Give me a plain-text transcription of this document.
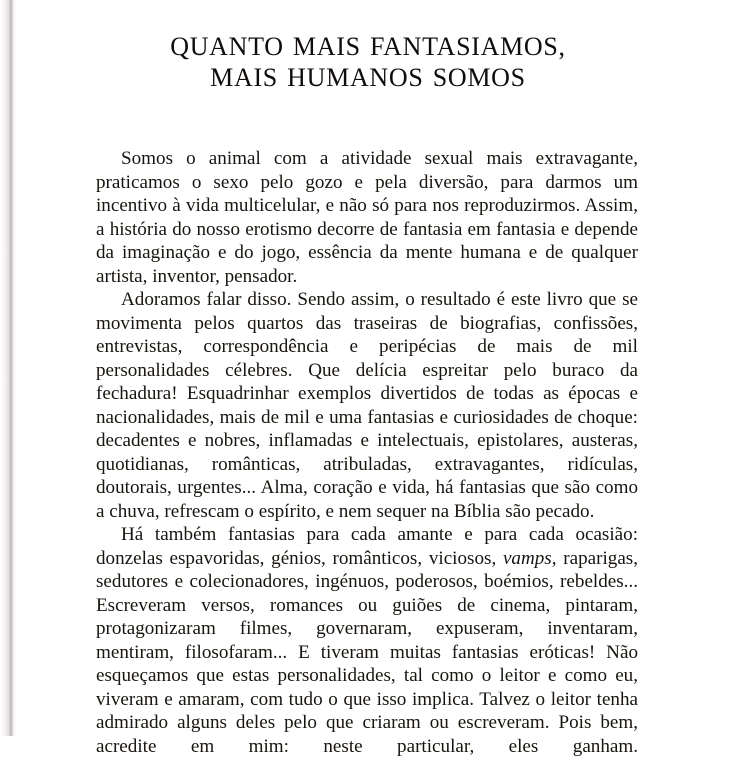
QUANTO MAIS FANTASIAMOS,
MAIS HUMANOS SOMOS

Somos o animal com a atividade sexual mais extravagante, praticamos o sexo pelo gozo e pela diversão, para darmos um incentivo à vida multicelular, e não só para nos reproduzirmos. Assim, a história do nosso erotismo decorre de fantasia em fantasia e depende da imaginação e do jogo, essência da mente humana e de qualquer artista, inventor, pensador.

Adoramos falar disso. Sendo assim, o resultado é este livro que se movimenta pelos quartos das traseiras de biografias, confissões, entrevistas, correspondência e peripécias de mais de mil personalidades célebres. Que delícia espreitar pelo buraco da fechadura! Esquadrinhar exemplos divertidos de todas as épocas e nacionalidades, mais de mil e uma fantasias e curiosidades de choque: decadentes e nobres, inflamadas e intelectuais, epistolares, austeras, quotidianas, românticas, atribuladas, extravagantes, ridículas, doutorais, urgentes... Alma, coração e vida, há fantasias que são como a chuva, refrescam o espírito, e nem sequer na Bíblia são pecado.

Há também fantasias para cada amante e para cada ocasião: donzelas espavoridas, génios, românticos, viciosos, vamps, raparigas, sedutores e colecionadores, ingénuos, poderosos, boémios, rebeldes... Escreveram versos, romances ou guiões de cinema, pintaram, protagonizaram filmes, governaram, expuseram, inventaram, mentiram, filosofaram... E tiveram muitas fantasias eróticas! Não esqueçamos que estas personalidades, tal como o leitor e como eu, viveram e amaram, com tudo o que isso implica. Talvez o leitor tenha admirado alguns deles pelo que criaram ou escreveram. Pois bem, acredite em mim: neste particular, eles ganham.
